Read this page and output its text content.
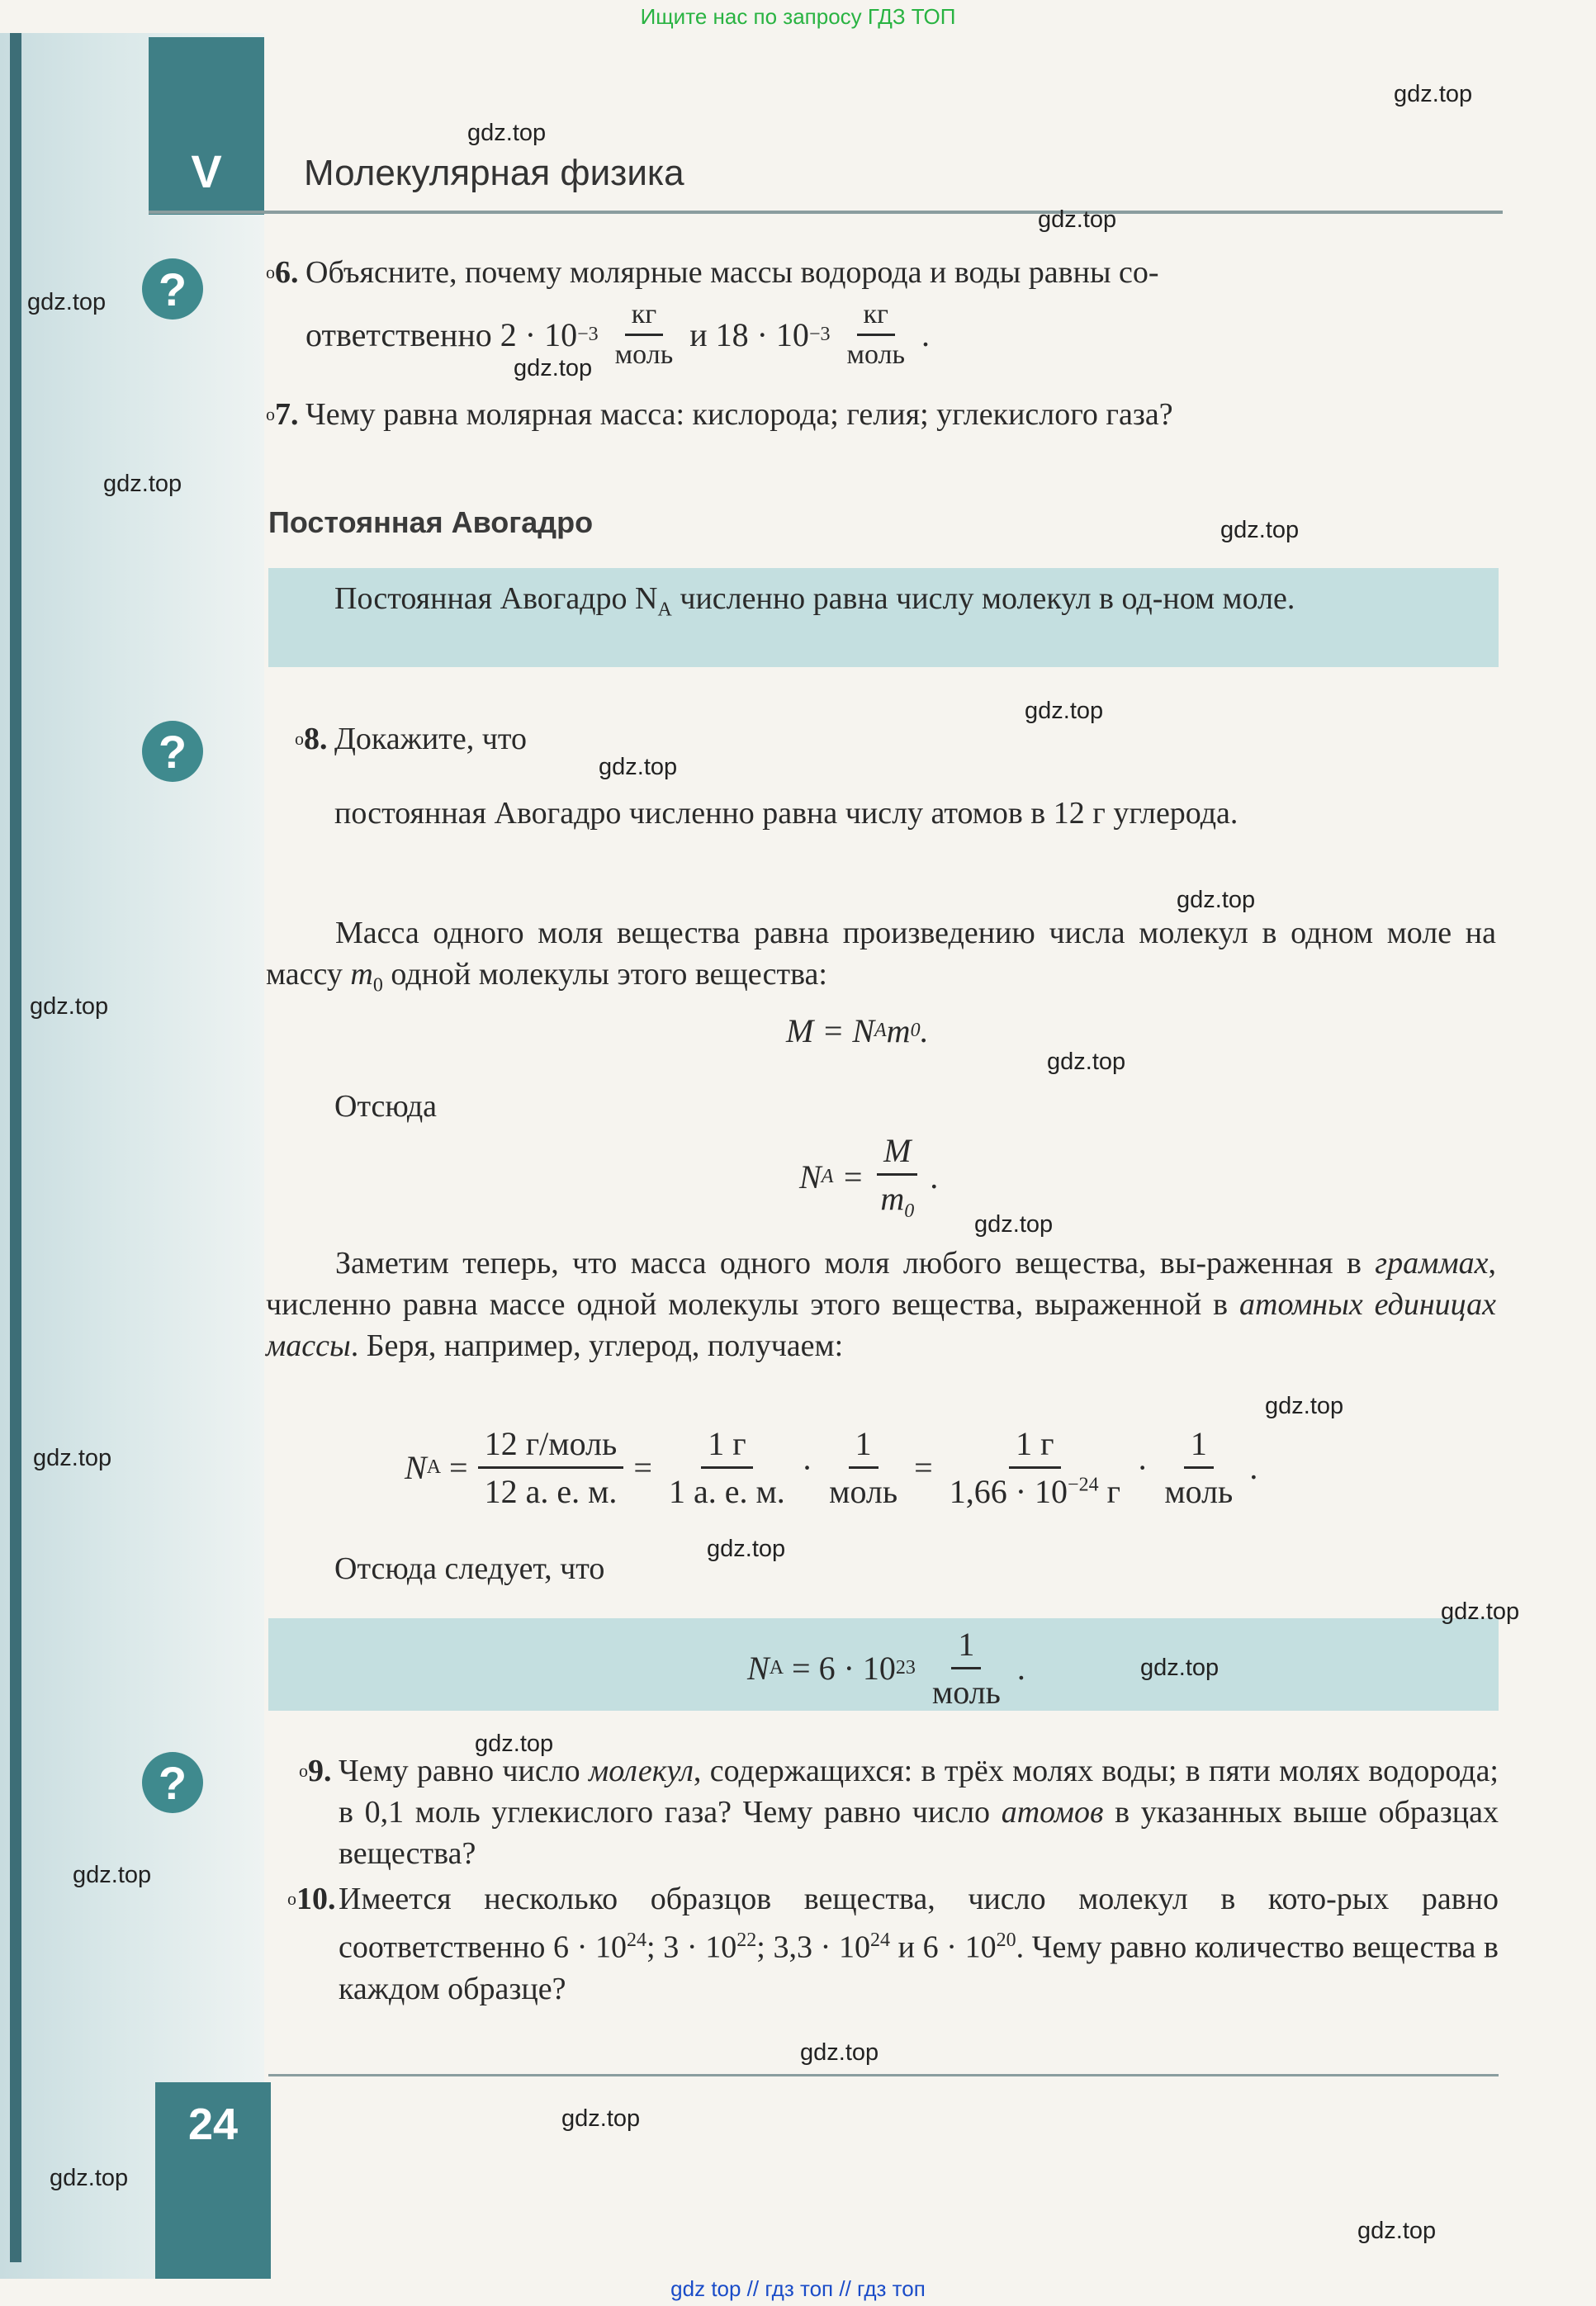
Ищите нас по запросу ГДЗ ТОП
V Молекулярная физика
?
?
?
$^о$6. Объясните, почему молярные массы водорода и воды равны со-
ответственно
$2 \cdot 10 -3 \frac{кг}{\text{моль}}$ и
$18 \cdot 10 -3 \frac{кг}{\text{моль}}$ .
$^о$7. Чему равна молярная масса: кислорода; гелия; углекислого газа?
Постоянная Авогадро
Постоянная Авогадро $N_A$ численно равна числу молекул в од-ном моле.
$^о$8. Докажите, что
постоянная Авогадро численно равна числу атомов в 12 г углерода.
Масса одного моля вещества равна произведению числа молекул в одном моле на массу $m_0$ одной молекулы этого вещества:
M = N A m 0 .
Отсюда
N $A = \frac{M}{m_0}$ .
Заметим теперь, что масса одного моля любого вещества, вы-раженная в граммах, численно равна массе одной молекулы этого вещества, выраженной в атомных единицах массы. Беря, например, углерод, получаем:
N $A = \frac{\text{12 г/моль}}{12 а. е. м.} = \frac{1 г}{1 а. е. м.} \cdot \frac{1}{\text{моль}} = \frac{1 г}{1,66 \cdot 10^{-24} г} \cdot \frac{1}{\text{моль}}$ .
Отсюда следует, что
N A
= 6 · 10 $23 \frac{1}{\text{моль}}$ .
$^о$9. Чему равно число молекул, содержащихся: в трёх молях воды; в пяти молях водорода; в 0,1 моль углекислого газа? Чему равно число атомов в указанных выше образцах вещества?
$^о$10.Имеется несколько образцов вещества, число молекул в кото-рых равно соответственно $6 \cdot 10^{24}$; $3 \cdot 10^{22}$; $3,3 \cdot 10^{24}$ и $6 \cdot 10^{20}$. Чему равно количество вещества в каждом образце?
24
gdz.top
gdz.top
gdz.top
gdz.top
gdz.top
gdz.top
gdz.top
gdz.top
gdz.top
gdz.top
gdz.top
gdz.top
gdz.top
gdz.top
gdz.top
gdz.top
gdz.top
gdz.top
gdz.top
gdz.top
gdz.top
gdz.top
gdz.top
gdz.top
gdz top // гдз топ // гдз топ
